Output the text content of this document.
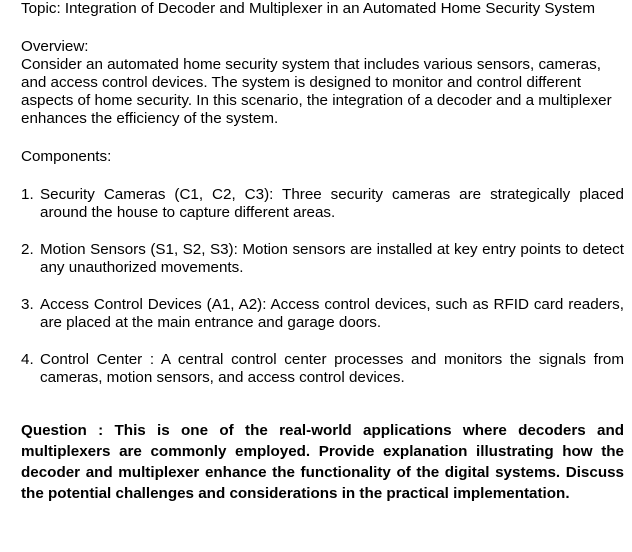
Topic: Integration of Decoder and Multiplexer in an Automated Home Security System

Overview:

Consider an automated home security system that includes various sensors, cameras, and access control devices. The system is designed to monitor and control different aspects of home security. In this scenario, the integration of a decoder and a multiplexer enhances the efficiency of the system.

Components:

1. Security Cameras (C1, C2, C3): Three security cameras are strategically placed around the house to capture different areas.
2. Motion Sensors (S1, S2, S3): Motion sensors are installed at key entry points to detect any unauthorized movements.
3. Access Control Devices (A1, A2): Access control devices, such as RFID card readers, are placed at the main entrance and garage doors.
4. Control Center : A central control center processes and monitors the signals from cameras, motion sensors, and access control devices.

Question : This is one of the real-world applications where decoders and multiplexers are commonly employed. Provide explanation illustrating how the decoder and multiplexer enhance the functionality of the digital systems. Discuss the potential challenges and considerations in the practical implementation.
